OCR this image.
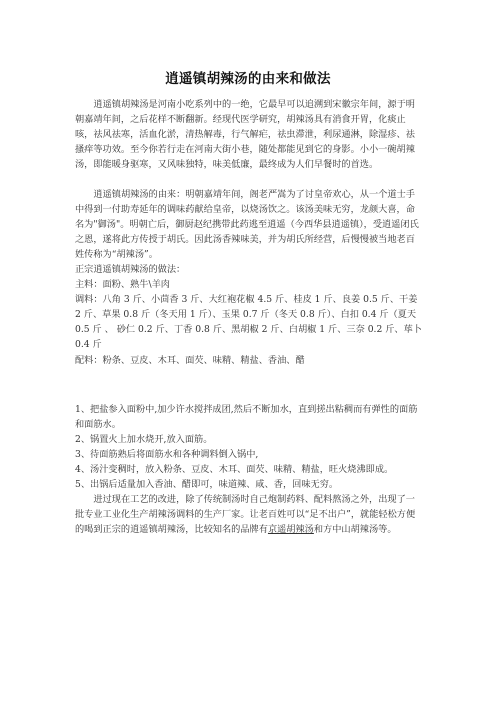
逍遥镇胡辣汤的由来和做法

逍遥镇胡辣汤是河南小吃系列中的一绝，它最早可以追溯到宋徽宗年间，源于明朝嘉靖年间，之后花样不断翻新。经现代医学研究，胡辣汤具有消食开胃，化痰止咳，祛风祛寒，活血化淤，清热解毒，行气解疟，祛虫滞泄，利尿通淋，除湿疹、祛搔痒等功效。至今你若行走在河南大街小巷，随处都能见到它的身影。小小一碗胡辣汤，即能暖身驱寒，又风味独特，味美低廉，最终成为人们早餐时的首选。

逍遥镇胡辣汤的由来：明朝嘉靖年间，阁老严嵩为了讨皇帝欢心，从一个道士手中得到一付助寿延年的调味药献给皇帝，以烧汤饮之。该汤美味无穷，龙颜大喜，命名为"御汤"。明朝亡后，御厨赵纪携带此药逃至逍遥（今西华县逍遥镇），受逍遥闭氏之恩，遂将此方传授于胡氏。因此汤香辣味美，并为胡氏所经营，后慢慢被当地老百姓传称为“胡辣汤”。

正宗逍遥镇胡辣汤的做法：

主料：面粉、熟牛\羊肉

调料：八角 3 斤、小茴香 3 斤、大红袍花椒 4.5 斤、桂皮 1 斤、良姜 0.5 斤、干姜 2 斤、草果 0.8 斤（冬天用 1 斤）、玉果 0.7 斤（冬天 0.8 斤）、白扣 0.4 斤（夏天 0.5 斤 、 砂仁 0.2 斤、丁香 0.8 斤、黑胡椒 2 斤、白胡椒 1 斤、三奈 0.2 斤、荜卜 0.4 斤

配料：粉条、豆皮、木耳、面芡、味精、精盐、香油、醋

1、把盐参入面粉中,加少许水搅拌成团,然后不断加水，直到搓出粘稠而有弹性的面筋和面筋水。

2、锅置火上加水烧开,放入面筋。

3、待面筋熟后将面筋水和各种调料倒入锅中,

4、汤汁变稠时，放入粉条、豆皮、木耳、面芡、味精、精盐，旺火烧沸即成。

5、出锅后适量加入香油、醋即可，味道辣、咸、香，回味无穷。

进过现在工艺的改进，除了传统制汤时自己炮制药料、配料熬汤之外，出现了一批专业工业化生产胡辣汤调料的生产厂家。让老百姓可以“足不出户”，就能轻松方便的喝到正宗的逍遥镇胡辣汤，比较知名的品牌有京遥胡辣汤和方中山胡辣汤等。
